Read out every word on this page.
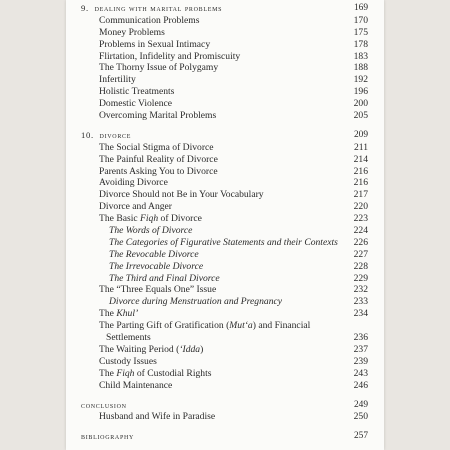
9. dealing with marital problems	169
Communication Problems	170
Money Problems	175
Problems in Sexual Intimacy	178
Flirtation, Infidelity and Promiscuity	183
The Thorny Issue of Polygamy	188
Infertility	192
Holistic Treatments	196
Domestic Violence	200
Overcoming Marital Problems	205
10. divorce	209
The Social Stigma of Divorce	211
The Painful Reality of Divorce	214
Parents Asking You to Divorce	216
Avoiding Divorce	216
Divorce Should not Be in Your Vocabulary	217
Divorce and Anger	220
The Basic Fiqh of Divorce	223
The Words of Divorce	224
The Categories of Figurative Statements and their Contexts 226
The Revocable Divorce	227
The Irrevocable Divorce	228
The Third and Final Divorce	229
The “Three Equals One” Issue	232
Divorce during Menstruation and Pregnancy	233
The Khul’	234
The Parting Gift of Gratification (Mut‘a) and Financial
Settlements	236
The Waiting Period (‘Idda)	237
Custody Issues	239
The Fiqh of Custodial Rights	243
Child Maintenance	246
conclusion	249
Husband and Wife in Paradise	250
bibliography	257
